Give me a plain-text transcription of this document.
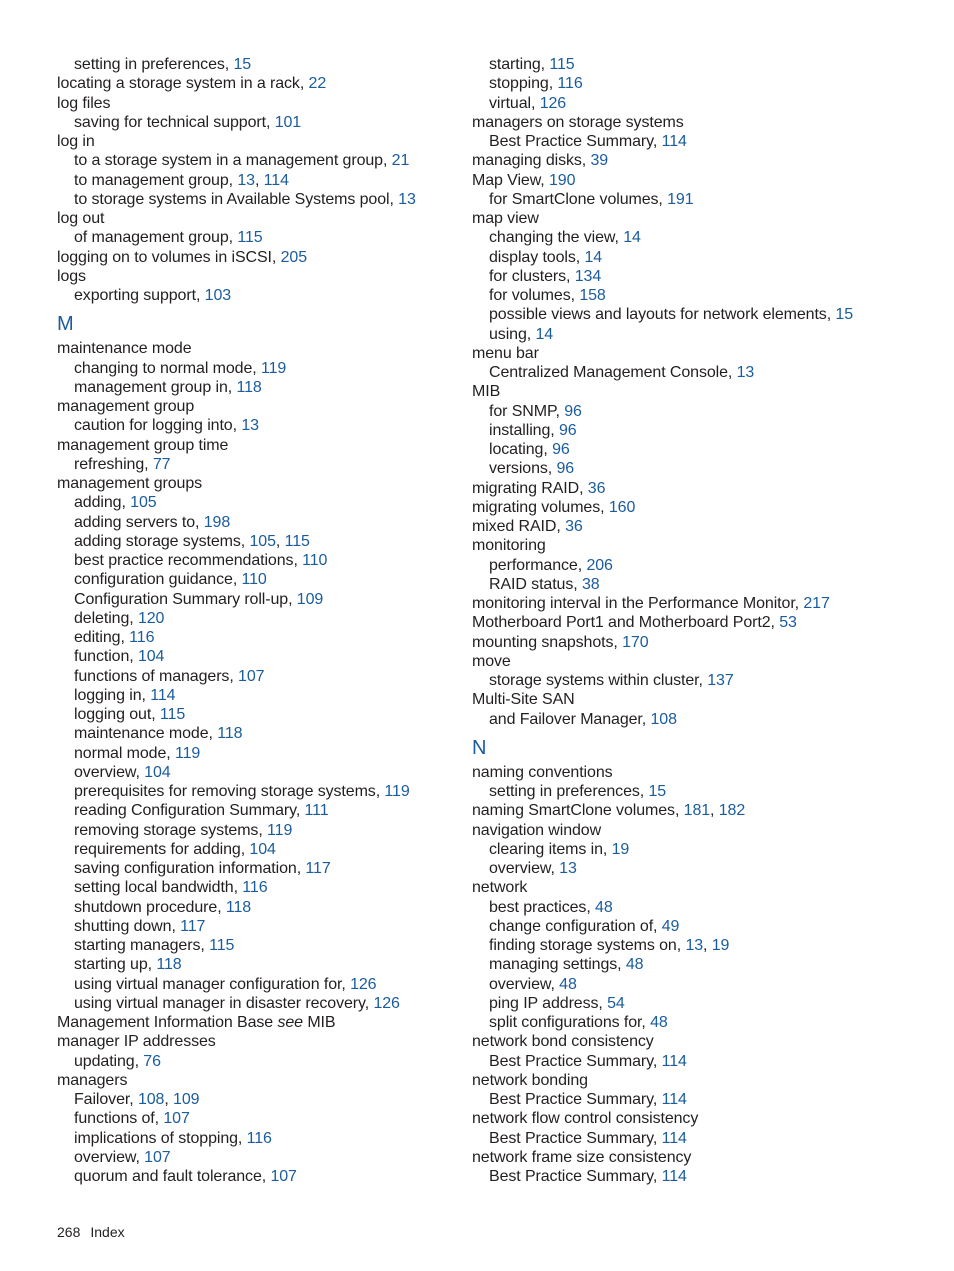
setting in preferences, 15
locating a storage system in a rack, 22
log files
saving for technical support, 101
log in
to a storage system in a management group, 21
to management group, 13, 114
to storage systems in Available Systems pool, 13
log out
of management group, 115
logging on to volumes in iSCSI, 205
logs
exporting support, 103
M
maintenance mode
changing to normal mode, 119
management group in, 118
management group
caution for logging into, 13
management group time
refreshing, 77
management groups
adding, 105
adding servers to, 198
adding storage systems, 105, 115
best practice recommendations, 110
configuration guidance, 110
Configuration Summary roll-up, 109
deleting, 120
editing, 116
function, 104
functions of managers, 107
logging in, 114
logging out, 115
maintenance mode, 118
normal mode, 119
overview, 104
prerequisites for removing storage systems, 119
reading Configuration Summary, 111
removing storage systems, 119
requirements for adding, 104
saving configuration information, 117
setting local bandwidth, 116
shutdown procedure, 118
shutting down, 117
starting managers, 115
starting up, 118
using virtual manager configuration for, 126
using virtual manager in disaster recovery, 126
Management Information Base see MIB
manager IP addresses
updating, 76
managers
Failover, 108, 109
functions of, 107
implications of stopping, 116
overview, 107
quorum and fault tolerance, 107
starting, 115
stopping, 116
virtual, 126
managers on storage systems
Best Practice Summary, 114
managing disks, 39
Map View, 190
for SmartClone volumes, 191
map view
changing the view, 14
display tools, 14
for clusters, 134
for volumes, 158
possible views and layouts for network elements, 15
using, 14
menu bar
Centralized Management Console, 13
MIB
for SNMP, 96
installing, 96
locating, 96
versions, 96
migrating RAID, 36
migrating volumes, 160
mixed RAID, 36
monitoring
performance, 206
RAID status, 38
monitoring interval in the Performance Monitor, 217
Motherboard Port1 and Motherboard Port2, 53
mounting snapshots, 170
move
storage systems within cluster, 137
Multi-Site SAN
and Failover Manager, 108
N
naming conventions
setting in preferences, 15
naming SmartClone volumes, 181, 182
navigation window
clearing items in, 19
overview, 13
network
best practices, 48
change configuration of, 49
finding storage systems on, 13, 19
managing settings, 48
overview, 48
ping IP address, 54
split configurations for, 48
network bond consistency
Best Practice Summary, 114
network bonding
Best Practice Summary, 114
network flow control consistency
Best Practice Summary, 114
network frame size consistency
Best Practice Summary, 114
268 Index
